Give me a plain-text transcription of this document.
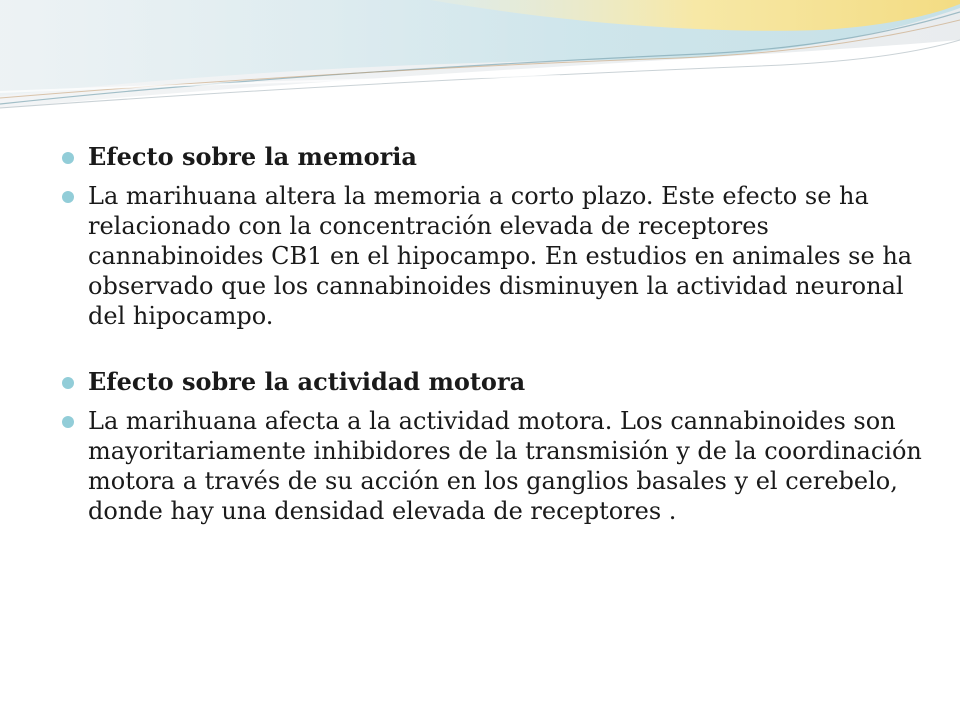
Efecto sobre la memoria
La marihuana altera la memoria a corto plazo. Este efecto se ha relacionado con la concentración elevada de receptores cannabinoides CB1 en el hipocampo. En estudios en animales se ha observado que los cannabinoides disminuyen la actividad neuronal del hipocampo.
Efecto sobre la actividad motora
La marihuana afecta a la actividad motora. Los cannabinoides son mayoritariamente inhibidores de la transmisión y de la coordinación motora a través de su acción en los ganglios basales y el cerebelo, donde hay una densidad elevada de receptores .
